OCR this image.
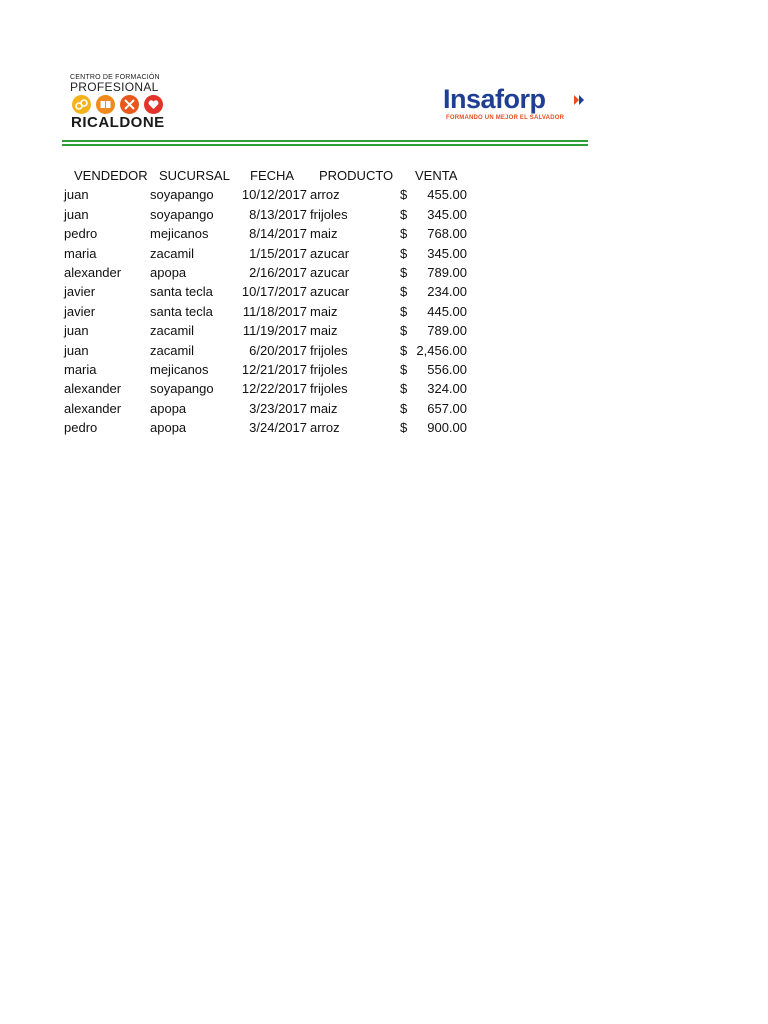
CENTRO DE FORMACIÓN
PROFESIONAL
RICALDONE
Insaforp
FORMANDO UN MEJOR EL SALVADOR
VENDEDOR SUCURSAL FECHA PRODUCTO VENTA
juan	soyapango 10/12/2017 arroz	$ 455.00
juan	soyapango	8/13/2017 frijoles	$ 345.00
pedro	mejicanos	8/14/2017 maiz	$ 768.00
maria	zacamil	1/15/2017 azucar	$ 345.00
alexander apopa	2/16/2017 azucar	$ 789.00
javier	santa tecla 10/17/2017 azucar	$ 234.00
javier	santa tecla 11/18/2017 maiz	$ 445.00
juan	zacamil	11/19/2017 maiz	$ 789.00
juan	zacamil	6/20/2017 frijoles	$ 2,456.00
maria	mejicanos	12/21/2017 frijoles	$ 556.00
alexander soyapango 12/22/2017 frijoles	$ 324.00
alexander apopa	3/23/2017 maiz	$ 657.00
pedro	apopa	3/24/2017 arroz	$ 900.00
